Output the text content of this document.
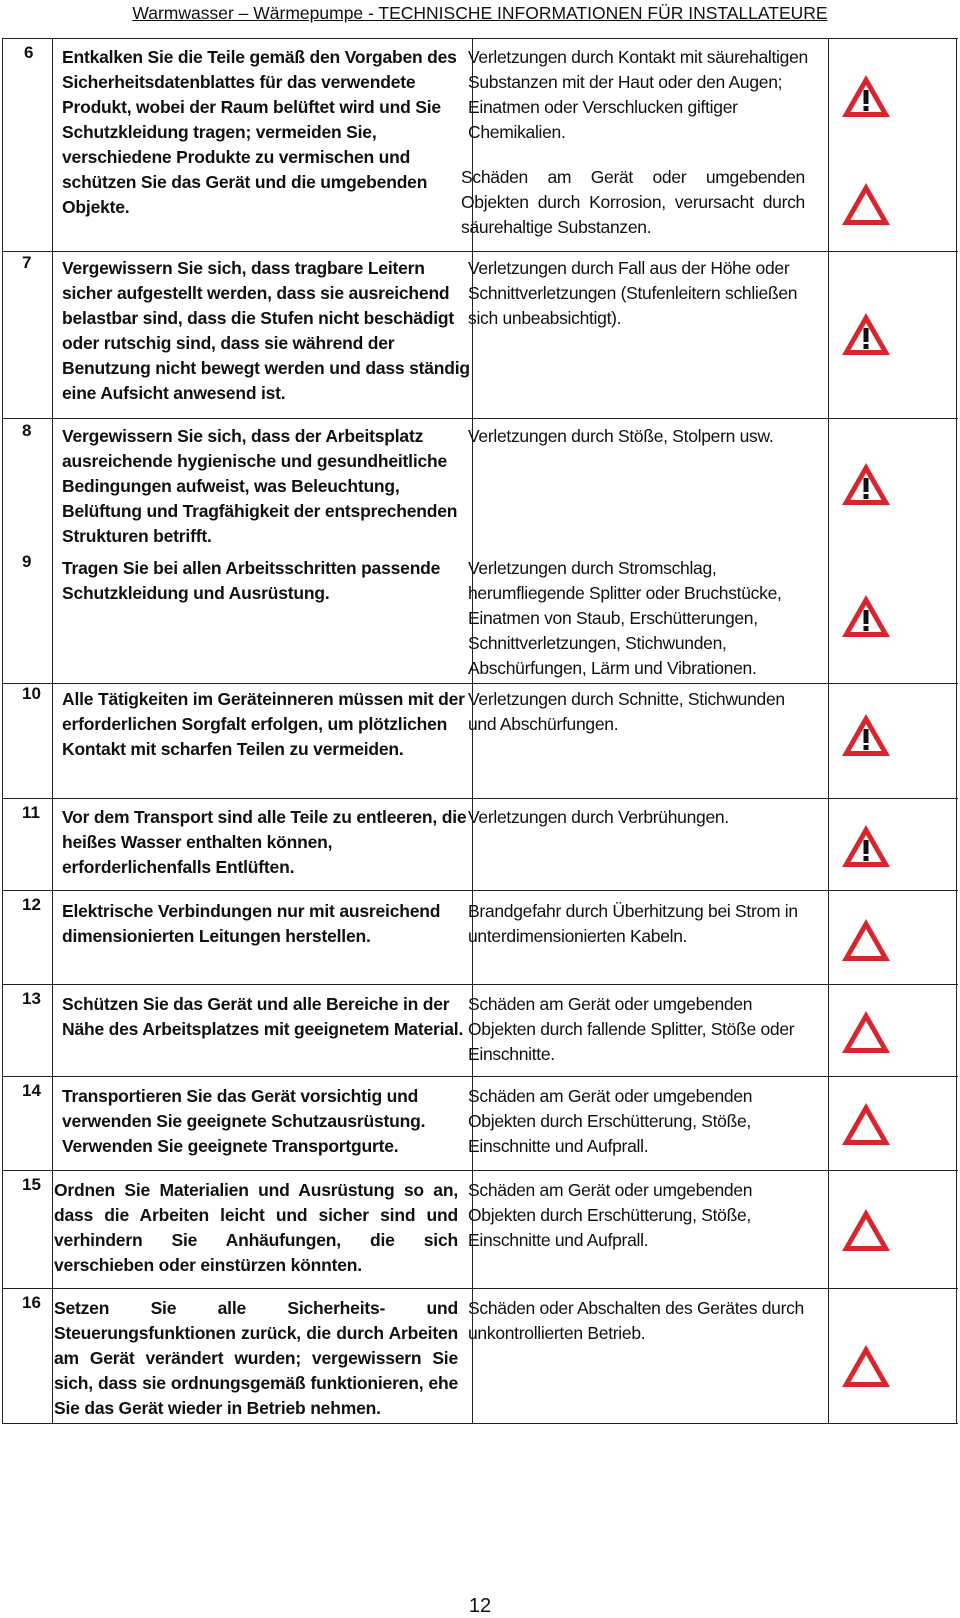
Warmwasser – Wärmepumpe - TECHNISCHE INFORMATIONEN FÜR INSTALLATEURE
6 Entkalken Sie die Teile gemäß den Vorgaben des Sicherheitsdatenblattes für das verwendete Produkt, wobei der Raum belüftet wird und Sie Schutzkleidung tragen; vermeiden Sie, verschiedene Produkte zu vermischen und schützen Sie das Gerät und die umgebenden Objekte.
Verletzungen durch Kontakt mit säurehaltigen Substanzen mit der Haut oder den Augen; Einatmen oder Verschlucken giftiger Chemikalien.
Schäden am Gerät oder umgebenden Objekten durch Korrosion, verursacht durch säurehaltige Substanzen.
7 Vergewissern Sie sich, dass tragbare Leitern sicher aufgestellt werden, dass sie ausreichend belastbar sind, dass die Stufen nicht beschädigt oder rutschig sind, dass sie während der Benutzung nicht bewegt werden und dass ständig eine Aufsicht anwesend ist.
Verletzungen durch Fall aus der Höhe oder Schnittverletzungen (Stufenleitern schließen sich unbeabsichtigt).
8 Vergewissern Sie sich, dass der Arbeitsplatz ausreichende hygienische und gesundheitliche Bedingungen aufweist, was Beleuchtung, Belüftung und Tragfähigkeit der entsprechenden Strukturen betrifft.
Verletzungen durch Stöße, Stolpern usw.
9 Tragen Sie bei allen Arbeitsschritten passende Schutzkleidung und Ausrüstung.
Verletzungen durch Stromschlag, herumfliegende Splitter oder Bruchstücke, Einatmen von Staub, Erschütterungen, Schnittverletzungen, Stichwunden, Abschürfungen, Lärm und Vibrationen.
10 Alle Tätigkeiten im Geräteinneren müssen mit der erforderlichen Sorgfalt erfolgen, um plötzlichen Kontakt mit scharfen Teilen zu vermeiden.
Verletzungen durch Schnitte, Stichwunden und Abschürfungen.
11 Vor dem Transport sind alle Teile zu entleeren, die heißes Wasser enthalten können, erforderlichenfalls Entlüften.
Verletzungen durch Verbrühungen.
12 Elektrische Verbindungen nur mit ausreichend dimensionierten Leitungen herstellen.
Brandgefahr durch Überhitzung bei Strom in unterdimensionierten Kabeln.
13 Schützen Sie das Gerät und alle Bereiche in der Nähe des Arbeitsplatzes mit geeignetem Material.
Schäden am Gerät oder umgebenden Objekten durch fallende Splitter, Stöße oder Einschnitte.
14 Transportieren Sie das Gerät vorsichtig und verwenden Sie geeignete Schutzausrüstung. Verwenden Sie geeignete Transportgurte.
Schäden am Gerät oder umgebenden Objekten durch Erschütterung, Stöße, Einschnitte und Aufprall.
15 Ordnen Sie Materialien und Ausrüstung so an, dass die Arbeiten leicht und sicher sind und verhindern Sie Anhäufungen, die sich verschieben oder einstürzen könnten.
Schäden am Gerät oder umgebenden Objekten durch Erschütterung, Stöße, Einschnitte und Aufprall.
16 Setzen Sie alle Sicherheits- und Steuerungsfunktionen zurück, die durch Arbeiten am Gerät verändert wurden; vergewissern Sie sich, dass sie ordnungsgemäß funktionieren, ehe Sie das Gerät wieder in Betrieb nehmen.
Schäden oder Abschalten des Gerätes durch unkontrollierten Betrieb.
12
